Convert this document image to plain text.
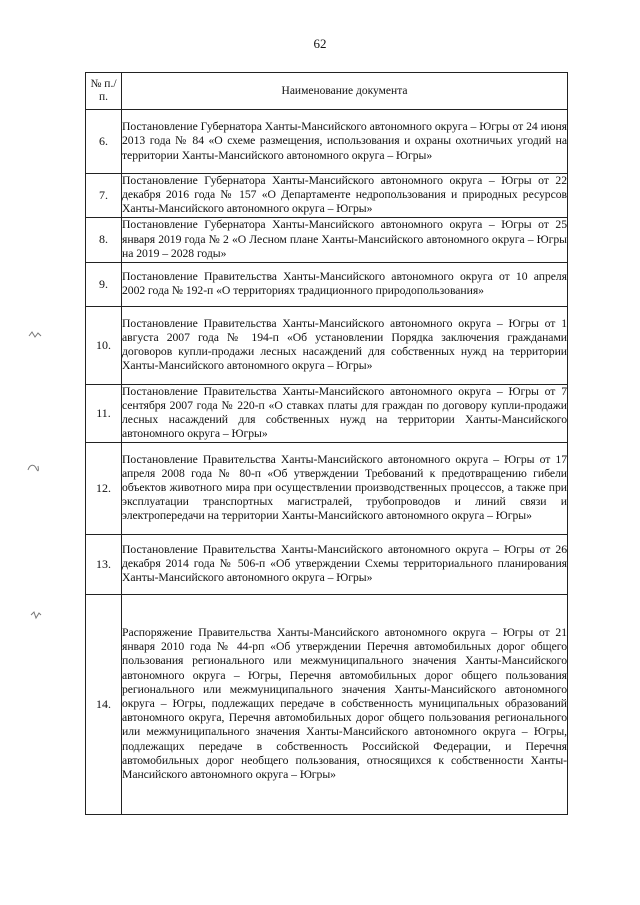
62
№ п./п.	Наименование документа
6.	Постановление Губернатора Ханты-Мансийского автономного округа – Югры от 24 июня 2013 года № 84 «О схеме размещения, использования и охраны охотничьих угодий на территории Ханты-Мансийского автономного округа – Югры»
7.	Постановление Губернатора Ханты-Мансийского автономного округа – Югры от 22 декабря 2016 года № 157 «О Департаменте недропользования и природных ресурсов Ханты-Мансийского автономного округа – Югры»
8.	Постановление Губернатора Ханты-Мансийского автономного округа – Югры от 25 января 2019 года № 2 «О Лесном плане Ханты-Мансийского автономного округа – Югры на 2019 – 2028 годы»
9.	Постановление Правительства Ханты-Мансийского автономного округа от 10 апреля 2002 года № 192-п «О территориях традиционного природопользования»
10.	Постановление Правительства Ханты-Мансийского автономного округа – Югры от 1 августа 2007 года № 194-п «Об установлении Порядка заключения гражданами договоров купли-продажи лесных насаждений для собственных нужд на территории Ханты-Мансийского автономного округа – Югры»
11.	Постановление Правительства Ханты-Мансийского автономного округа – Югры от 7 сентября 2007 года № 220-п «О ставках платы для граждан по договору купли-продажи лесных насаждений для собственных нужд на территории Ханты-Мансийского автономного округа – Югры»
12.	Постановление Правительства Ханты-Мансийского автономного округа – Югры от 17 апреля 2008 года № 80-п «Об утверждении Требований к предотвращению гибели объектов животного мира при осуществлении производственных процессов, а также при эксплуатации транспортных магистралей, трубопроводов и линий связи и электропередачи на территории Ханты-Мансийского автономного округа – Югры»
13.	Постановление Правительства Ханты-Мансийского автономного округа – Югры от 26 декабря 2014 года № 506-п «Об утверждении Схемы территориального планирования Ханты-Мансийского автономного округа – Югры»
14.	Распоряжение Правительства Ханты-Мансийского автономного округа – Югры от 21 января 2010 года № 44-рп «Об утверждении Перечня автомобильных дорог общего пользования регионального или межмуниципального значения Ханты-Мансийского автономного округа – Югры, Перечня автомобильных дорог общего пользования регионального или межмуниципального значения Ханты-Мансийского автономного округа – Югры, подлежащих передаче в собственность муниципальных образований автономного округа, Перечня автомобильных дорог общего пользования регионального или межмуниципального значения Ханты-Мансийского автономного округа – Югры, подлежащих передаче в собственность Российской Федерации, и Перечня автомобильных дорог необщего пользования, относящихся к собственности Ханты-Мансийского автономного округа – Югры»
